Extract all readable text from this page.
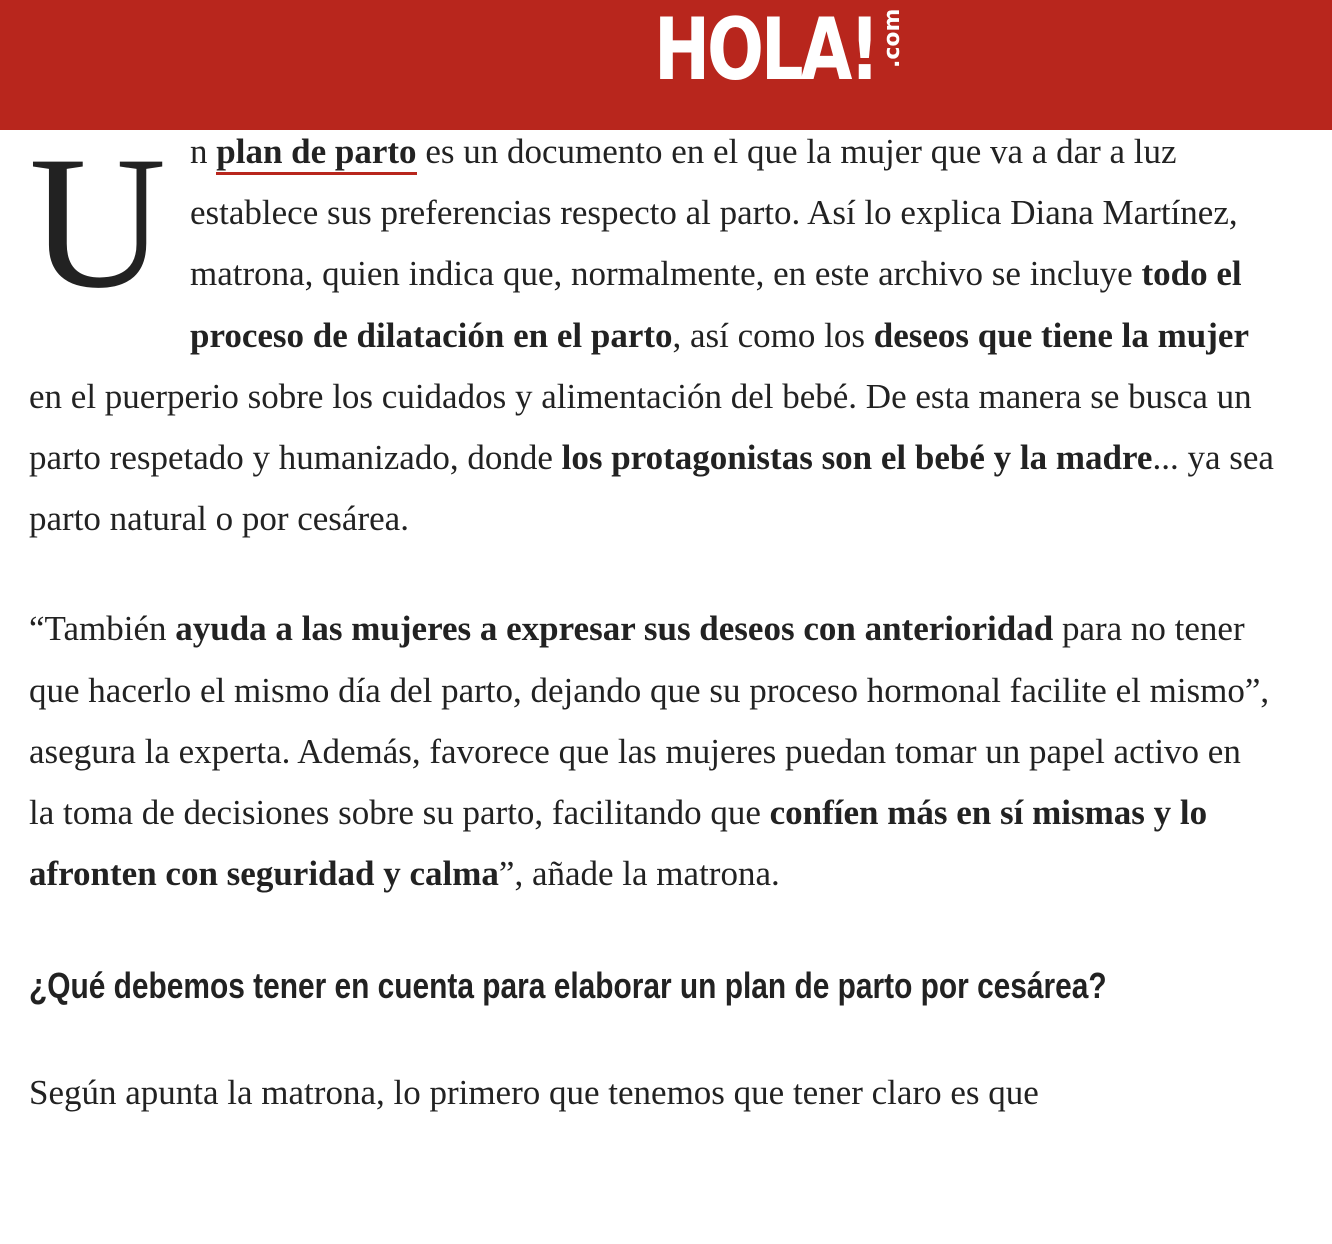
HOLA! .com

Un plan de parto es un documento en el que la mujer que va a dar a luz establece sus preferencias respecto al parto. Así lo explica Diana Martínez, matrona, quien indica que, normalmente, en este archivo se incluye todo el proceso de dilatación en el parto, así como los deseos que tiene la mujer en el puerperio sobre los cuidados y alimentación del bebé. De esta manera se busca un parto respetado y humanizado, donde los protagonistas son el bebé y la madre... ya sea parto natural o por cesárea.

“También ayuda a las mujeres a expresar sus deseos con anterioridad para no tener que hacerlo el mismo día del parto, dejando que su proceso hormonal facilite el mismo”, asegura la experta. Además, favorece que las mujeres puedan tomar un papel activo en la toma de decisiones sobre su parto, facilitando que confíen más en sí mismas y lo afronten con seguridad y calma”, añade la matrona.

¿Qué debemos tener en cuenta para elaborar un plan de parto por cesárea?

Según apunta la matrona, lo primero que tenemos que tener claro es que
